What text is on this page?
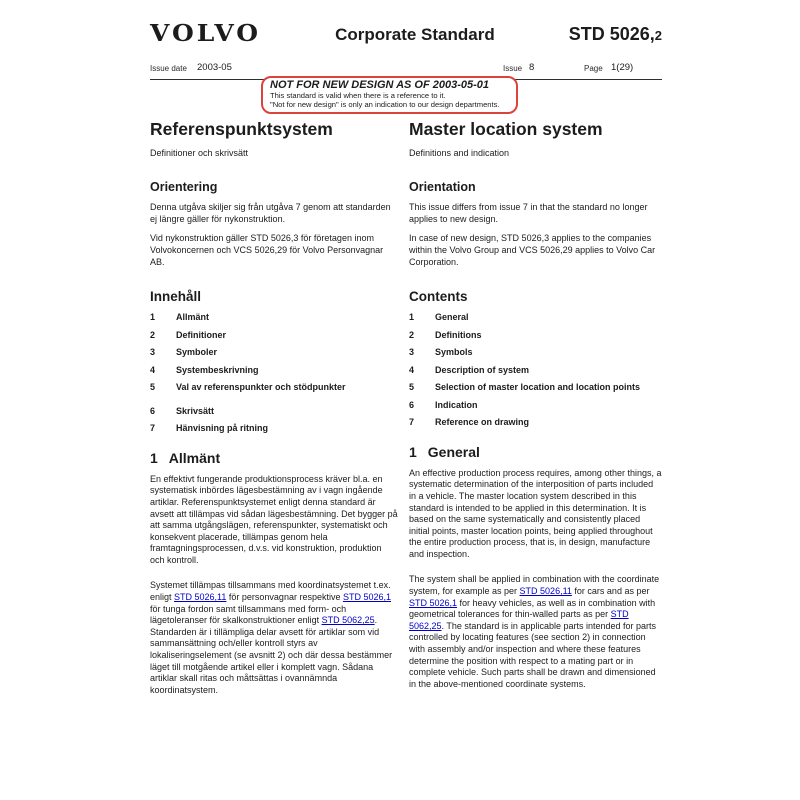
VOLVO	Corporate Standard	STD 5026,2
Issue date 2003-05	Issue 8	Page 1(29)
NOT FOR NEW DESIGN AS OF 2003-05-01
This standard is valid when there is a reference to it.
"Not for new design" is only an indication to our design departments.
Referenspunktsystem
Definitioner och skrivsätt
Orientering

Denna utgåva skiljer sig från utgåva 7 genom att standarden ej längre gäller för nykonstruktion.

Vid nykonstruktion gäller STD 5026,3 för företagen inom Volvokoncernen och VCS 5026,29 för Volvo Personvagnar AB.

Innehåll
1	Allmänt
2	Definitioner
3	Symboler
4	Systembeskrivning
5	Val av referenspunkter och stödpunkter
6	Skrivsätt
7	Hänvisning på ritning
1 Allmänt

En effektivt fungerande produktionsprocess kräver bl.a. en systematisk inbördes lägesbestämning av i vagn ingående artiklar. Referenspunktsystemet enligt denna standard är avsett att tillämpas vid sådan lägesbestämning. Det bygger på att samma utgångslägen, referenspunkter, systematiskt och konsekvent placerade, tillämpas genom hela framtagningsprocessen, d.v.s. vid konstruktion, produktion och kontroll.

Systemet tillämpas tillsammans med koordinatsystemet t.ex. enligt STD 5026,11 för personvagnar respektive STD 5026,1 för tunga fordon samt tillsammans med form- och lägetoleranser för skalkonstruktioner enligt STD 5062,25. Standarden är i tillämpliga delar avsett för artiklar som vid sammansättning och/eller kontroll styrs av lokaliseringselement (se avsnitt 2) och där dessa bestämmer läget till motgående artikel eller i komplett vagn. Sådana artiklar skall ritas och måttsättas i ovannämnda koordinatsystem.

Master location system
Definitions and indication
Orientation

This issue differs from issue 7 in that the standard no longer applies to new design.

In case of new design, STD 5026,3 applies to the companies within the Volvo Group and VCS 5026,29 applies to Volvo Car Corporation.

Contents
1	General
2	Definitions
3	Symbols
4	Description of system
5	Selection of master location and location points
6	Indication
7	Reference on drawing
1 General

An effective production process requires, among other things, a systematic determination of the interposition of parts included in a vehicle. The master location system described in this standard is intended to be applied in this determination. It is based on the same systematically and consistently placed initial points, master location points, being applied throughout the entire production process, that is, in design, manufacture and inspection.

The system shall be applied in combination with the coordinate system, for example as per STD 5026,11 for cars and as per STD 5026,1 for heavy vehicles, as well as in combination with geometrical tolerances for thin-walled parts as per STD 5062,25. The standard is in applicable parts intended for parts controlled by locating features (see section 2) in connection with assembly and/or inspection and where these features determine the position with respect to a mating part or in complete vehicle. Such parts shall be drawn and dimensioned in the above-mentioned coordinate systems.
